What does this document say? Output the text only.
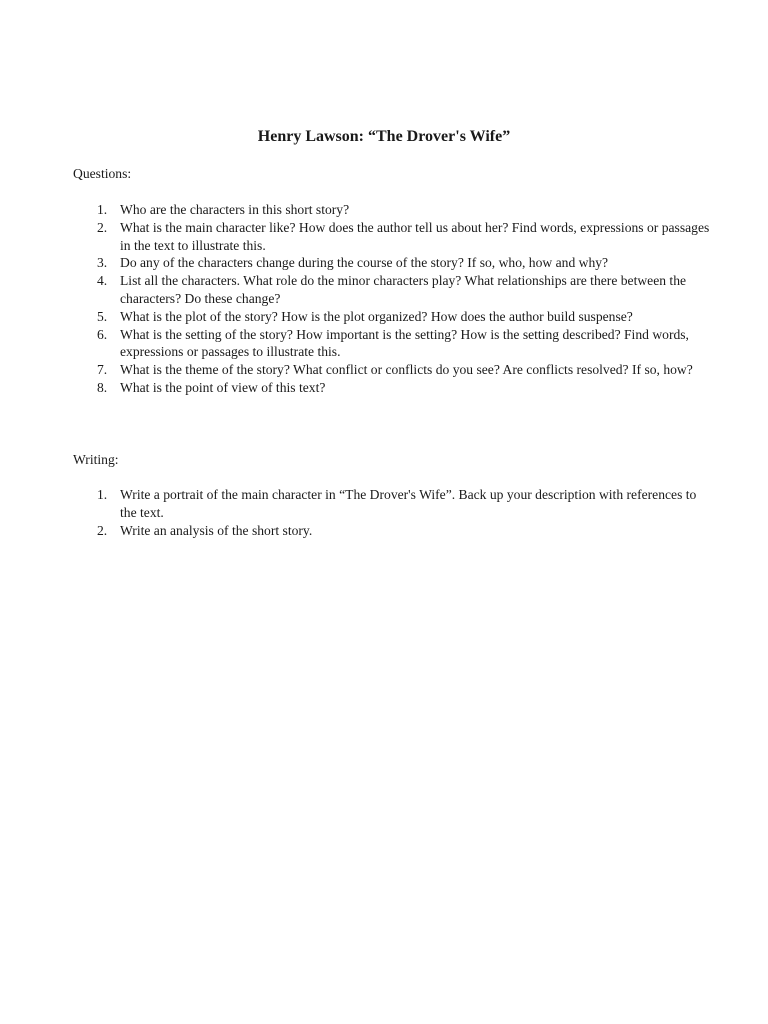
Henry Lawson: “The Drover's Wife”

Questions:

1. Who are the characters in this short story?
2. What is the main character like? How does the author tell us about her? Find words, expressions or passages in the text to illustrate this.
3. Do any of the characters change during the course of the story? If so, who, how and why?
4. List all the characters. What role do the minor characters play? What relationships are there between the characters? Do these change?
5. What is the plot of the story? How is the plot organized? How does the author build suspense?
6. What is the setting of the story? How important is the setting? How is the setting described? Find words, expressions or passages to illustrate this.
7. What is the theme of the story? What conflict or conflicts do you see? Are conflicts resolved? If so, how?
8. What is the point of view of this text?

Writing:

1. Write a portrait of the main character in “The Drover's Wife”. Back up your description with references to the text.
2. Write an analysis of the short story.
